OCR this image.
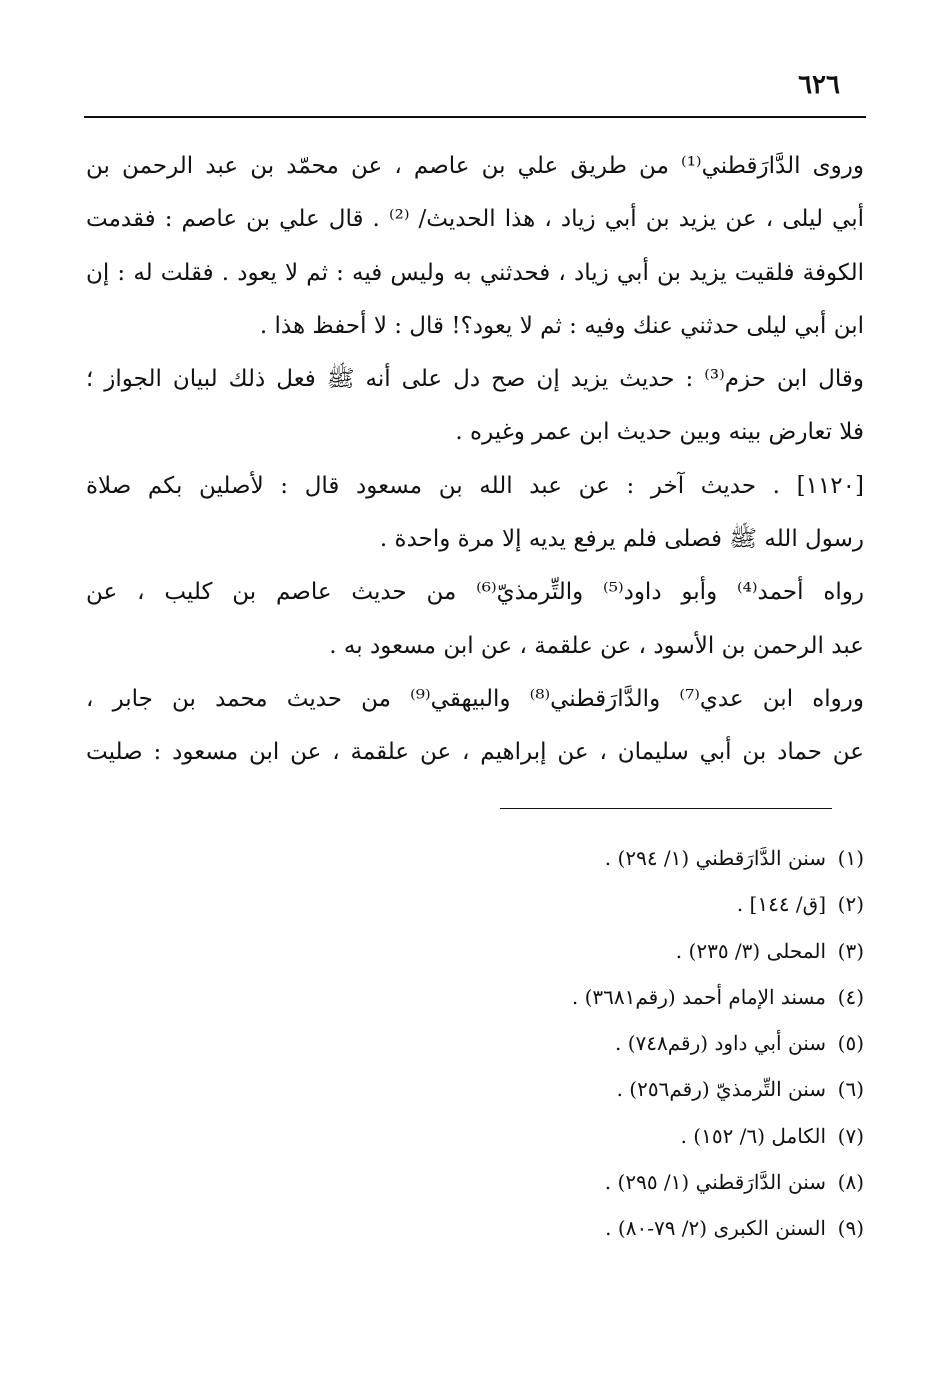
٦٢٦
وروى الدَّارَقطني⁽¹⁾ من طريق علي بن عاصم ، عن محمّد بن عبد الرحمن بن
أبي ليلى ، عن يزيد بن أبي زياد ، هذا الحديث/ ⁽²⁾ . قال علي بن عاصم : فقدمت
الكوفة فلقيت يزيد بن أبي زياد ، فحدثني به وليس فيه : ثم لا يعود . فقلت له : إن
ابن أبي ليلى حدثني عنك وفيه : ثم لا يعود؟! قال : لا أحفظ هذا .
وقال ابن حزم⁽³⁾ : حديث يزيد إن صح دل على أنه ﷺ فعل ذلك لبيان الجواز ؛
فلا تعارض بينه وبين حديث ابن عمر وغيره .
[١١٢٠] . حديث آخر : عن عبد الله بن مسعود قال : لأصلين بكم صلاة
رسول الله ﷺ فصلى فلم يرفع يديه إلا مرة واحدة .
رواه أحمد⁽⁴⁾ وأبو داود⁽⁵⁾ والتِّرمذيّ⁽⁶⁾ من حديث عاصم بن كليب ، عن
عبد الرحمن بن الأسود ، عن علقمة ، عن ابن مسعود به .
ورواه ابن عدي⁽⁷⁾ والدَّارَقطني⁽⁸⁾ والبيهقي⁽⁹⁾ من حديث محمد بن جابر ،
عن حماد بن أبي سليمان ، عن إبراهيم ، عن علقمة ، عن ابن مسعود : صليت
(١)سنن الدَّارَقطني (١/ ٢٩٤) .
(٢)[ق/ ١٤٤] .
(٣)المحلى (٣/ ٢٣٥) .
(٤)مسند الإمام أحمد (رقم٣٦٨١) .
(٥)سنن أبي داود (رقم٧٤٨) .
(٦)سنن التِّرمذيّ (رقم٢٥٦) .
(٧)الكامل (٦/ ١٥٢) .
(٨)سنن الدَّارَقطني (١/ ٢٩٥) .
(٩)السنن الكبرى (٢/ ٧٩-٨٠) .
